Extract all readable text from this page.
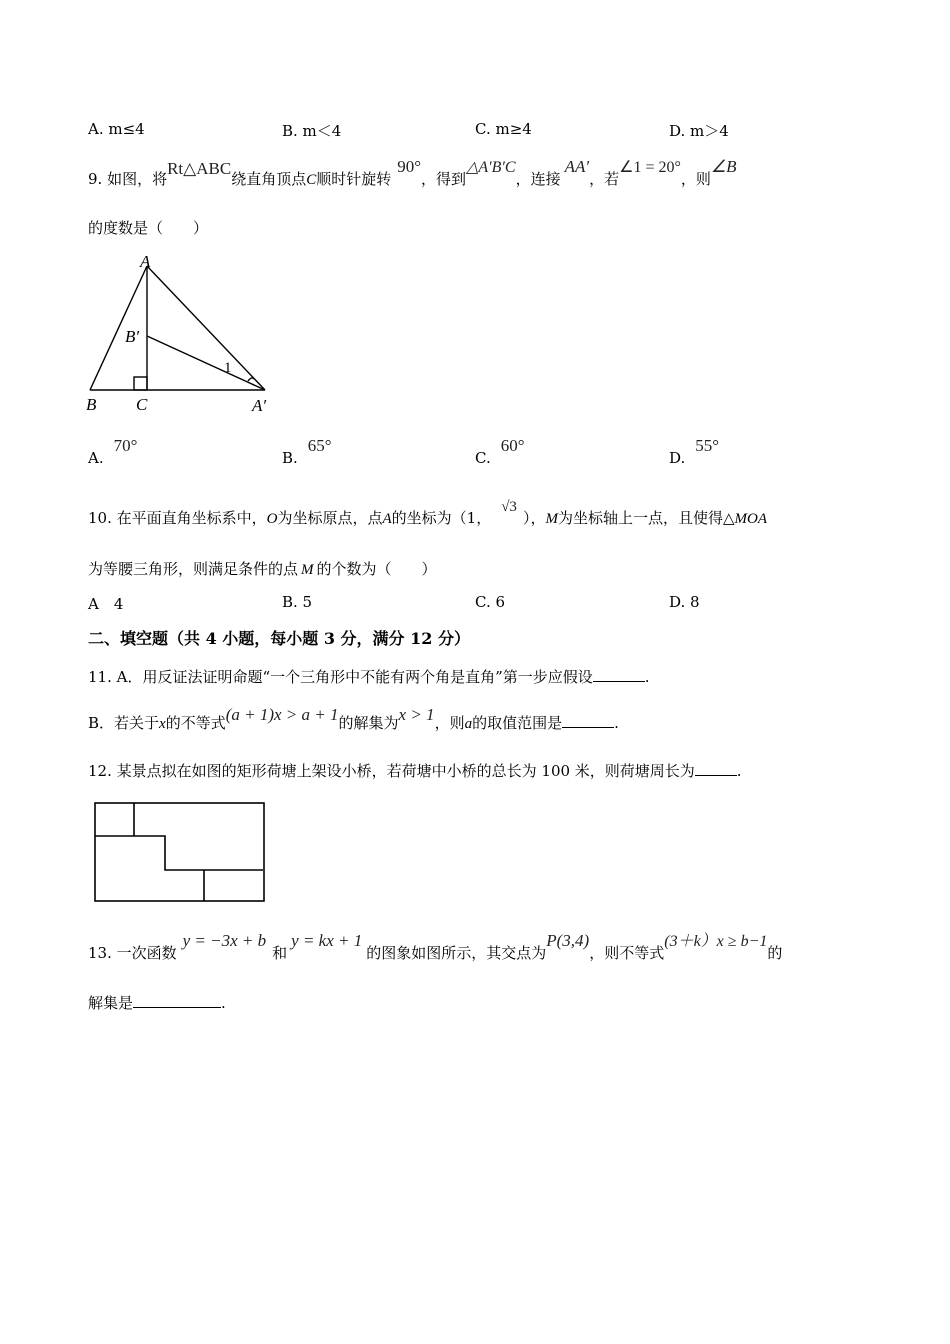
A. m≤4	B. m＜4	C. m≥4	D. m＞4
9. 如图，将Rt△ABC绕直角顶点C顺时针旋转90°，得到△A′B′C，连接AA′，若∠1 = 20°，则∠B
的度数是（　　）
A
B′
1
B C	A′
A.70°
B.65°
C.60°
D.55°
10. 在平面直角坐标系中，O为坐标原点，点A的坐标为（1，√3），M为坐标轴上一点，且使得△MOA
为等腰三角形，则满足条件的点 M 的个数为（　　）
A　4	B. 5	C. 6	D. 8
二、填空题（共 4 小题，每小题 3 分，满分 12 分）
11. A．用反证法证明命题“一个三角形中不能有两个角是直角”第一步应假设	.
B．若关于x的不等式(a + 1)x > a + 1的解集为x > 1，则a的取值范围是	.
12. 某景点拟在如图的矩形荷塘上架设小桥，若荷塘中小桥的总长为 100 米，则荷塘周长为	.
13. 一次函数y = −3x + b和y = kx + 1的图象如图所示，其交点为P(3,4)，则不等式(3＋k）x ≥ b−1的
解集是	.
